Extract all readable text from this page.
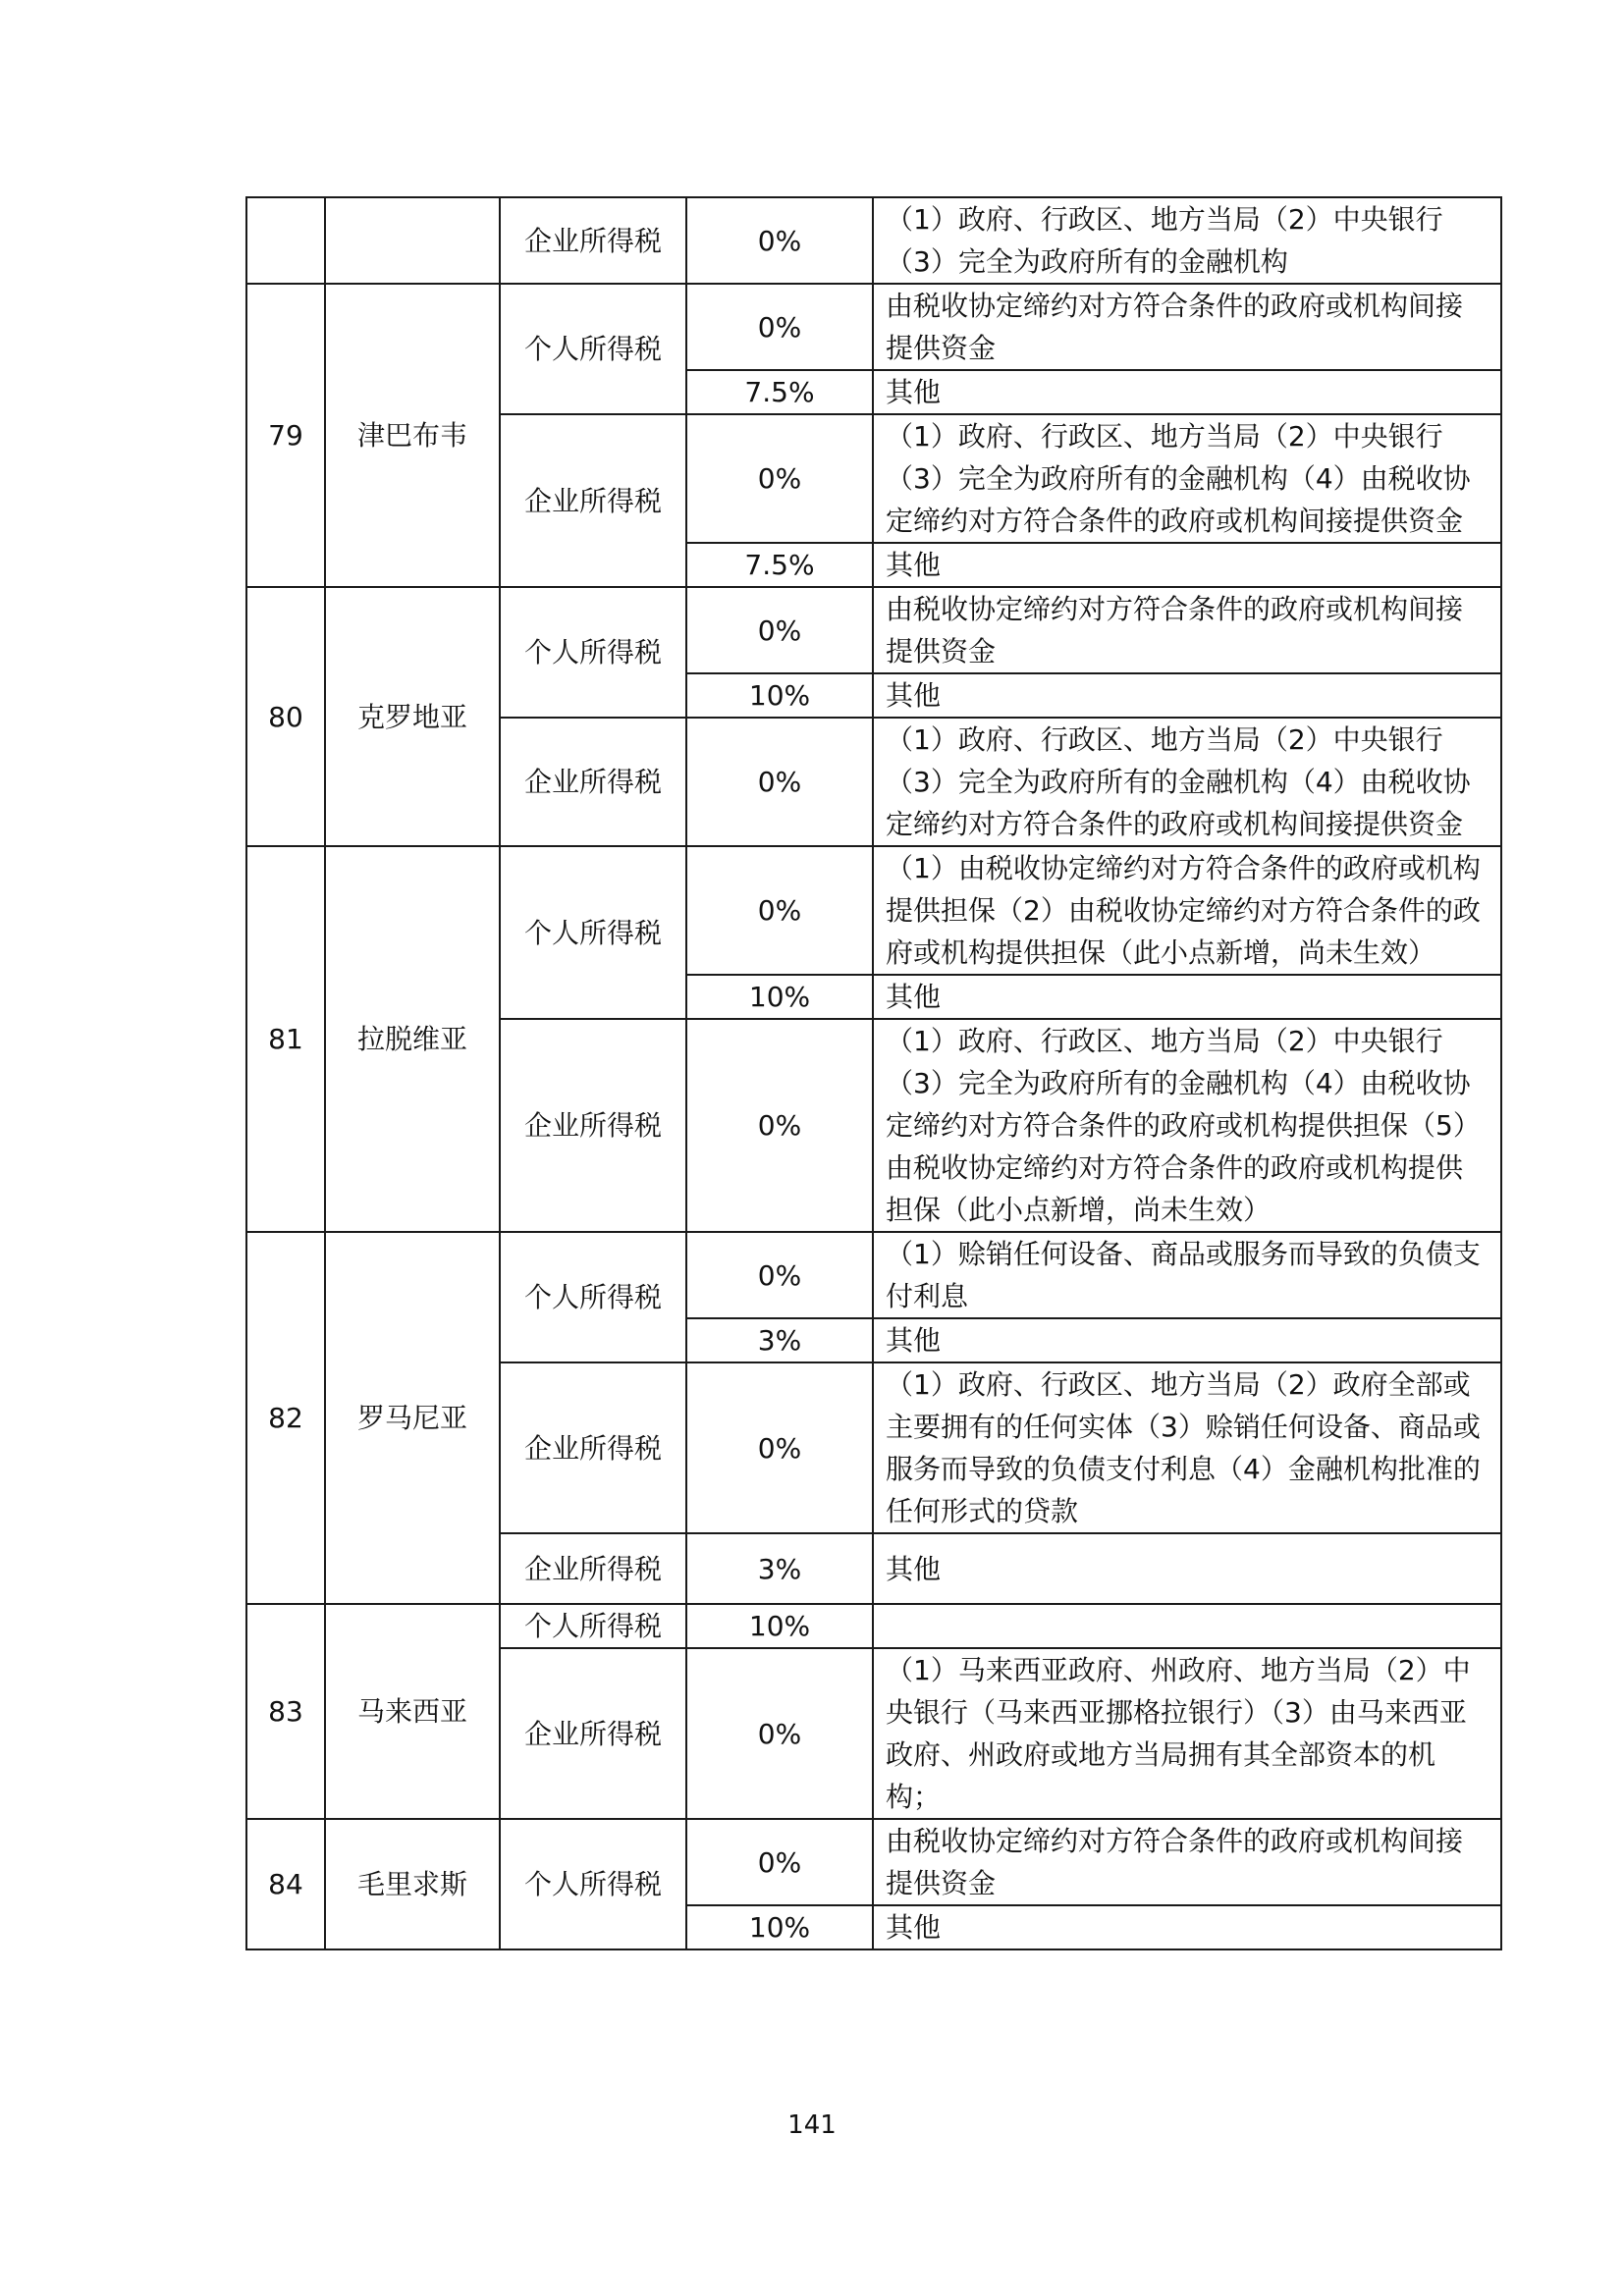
		企业所得税	0%	（1）政府、行政区、地方当局（2）中央银行（3）完全为政府所有的金融机构
79	津巴布韦	个人所得税	0%	由税收协定缔约对方符合条件的政府或机构间接提供资金
			7.5%	其他
		企业所得税	0%	（1）政府、行政区、地方当局（2）中央银行（3）完全为政府所有的金融机构（4）由税收协定缔约对方符合条件的政府或机构间接提供资金
			7.5%	其他
80	克罗地亚	个人所得税	0%	由税收协定缔约对方符合条件的政府或机构间接提供资金
			10%	其他
		企业所得税	0%	（1）政府、行政区、地方当局（2）中央银行（3）完全为政府所有的金融机构（4）由税收协定缔约对方符合条件的政府或机构间接提供资金
81	拉脱维亚	个人所得税	0%	（1）由税收协定缔约对方符合条件的政府或机构提供担保（2）由税收协定缔约对方符合条件的政府或机构提供担保（此小点新增，尚未生效）
			10%	其他
		企业所得税	0%	（1）政府、行政区、地方当局（2）中央银行（3）完全为政府所有的金融机构（4）由税收协定缔约对方符合条件的政府或机构提供担保（5）由税收协定缔约对方符合条件的政府或机构提供担保（此小点新增，尚未生效）
82	罗马尼亚	个人所得税	0%	（1）赊销任何设备、商品或服务而导致的负债支付利息
			3%	其他
		企业所得税	0%	（1）政府、行政区、地方当局（2）政府全部或主要拥有的任何实体（3）赊销任何设备、商品或服务而导致的负债支付利息（4）金融机构批准的任何形式的贷款
		企业所得税	3%	其他
83	马来西亚	个人所得税	10%	
		企业所得税	0%	（1）马来西亚政府、州政府、地方当局（2）中央银行（马来西亚挪格拉银行）（3）由马来西亚政府、州政府或地方当局拥有其全部资本的机构；
84	毛里求斯	个人所得税	0%	由税收协定缔约对方符合条件的政府或机构间接提供资金
			10%	其他
141
